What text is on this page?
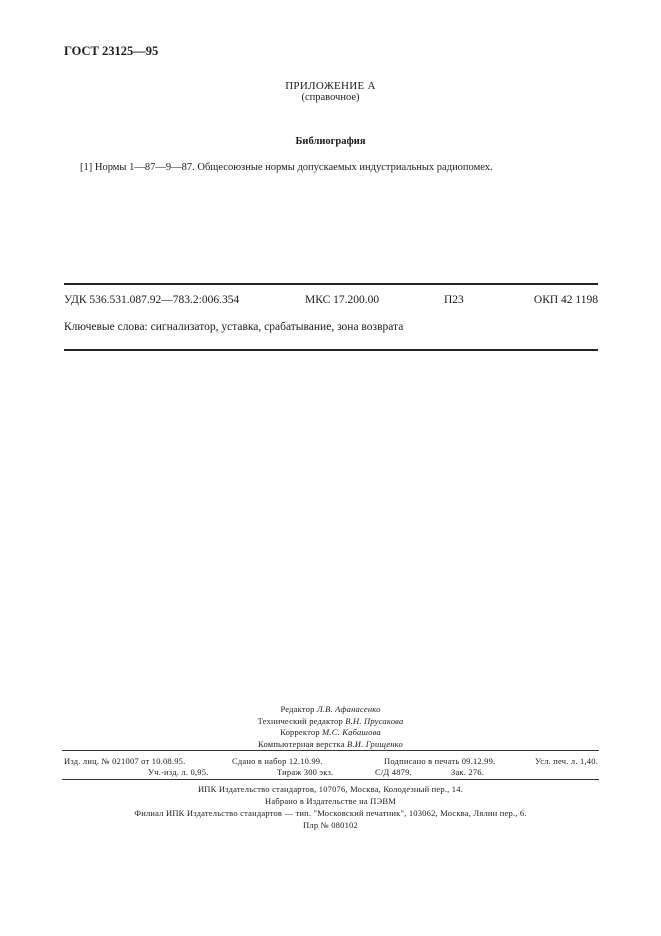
ГОСТ 23125—95
ПРИЛОЖЕНИЕ А
(справочное)
Библиография
[1] Нормы 1—87—9—87. Общесоюзные нормы допускаемых индустриальных радиопомех.
УДК 536.531.087.92—783.2:006.354	МКС 17.200.00	П23	ОКП 42 1198
Ключевые слова: сигнализатор, уставка, срабатывание, зона возврата
Редактор Л.В. Афанасенко
Технический редактор В.Н. Прусакова
Корректор М.С. Кабашова
Компьютерная верстка В.И. Грищенко
Изд. лиц. № 021007 от 10.08.95.	Сдано в набор 12.10.99.	Подписано в печать 09.12.99.	Усл. печ. л. 1,40.
Уч.-изд. л. 0,95.	Тираж 300 экз.	С/Д 4879.	Зак. 276.
ИПК Издательство стандартов, 107076, Москва, Колодезный пер., 14.
Набрано в Издательстве на ПЭВМ
Филиал ИПК Издательство стандартов — тип. "Московский печатник", 103062, Москва, Лялин пер., 6.
Плр № 080102
